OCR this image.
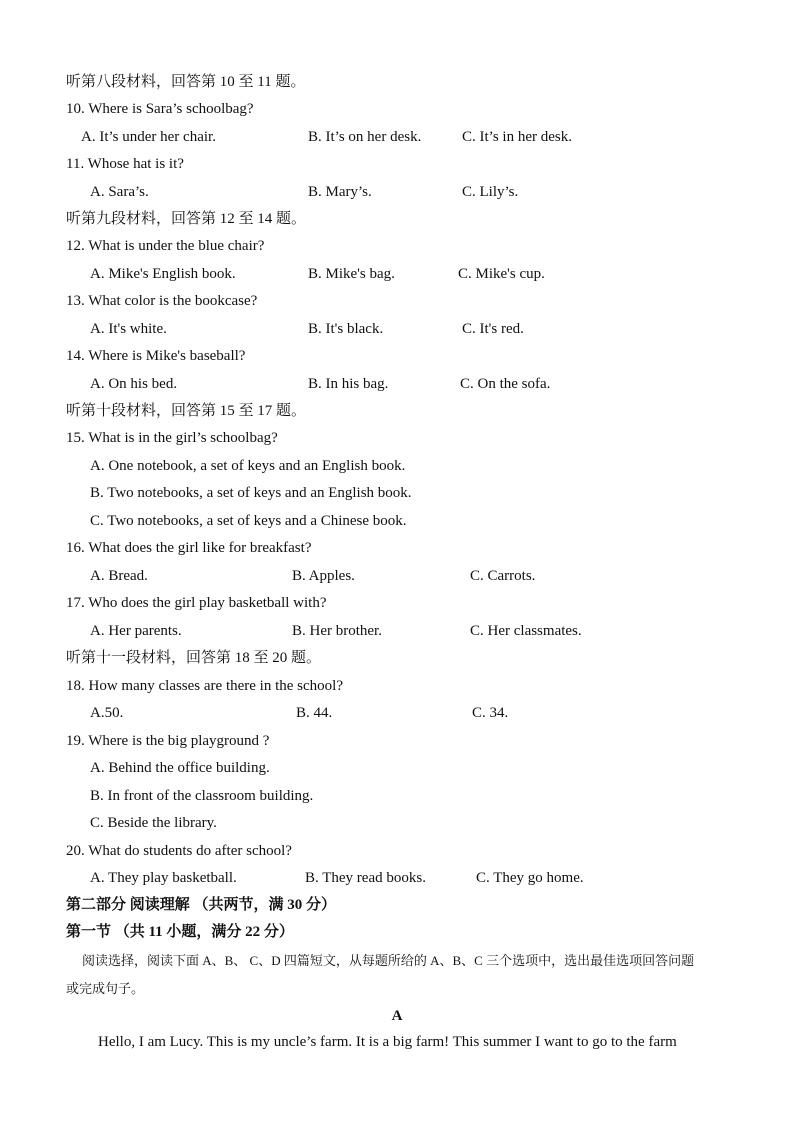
听第八段材料，回答第 10 至 11 题。
10. Where is Sara’s schoolbag?
A. It’s under her chair.	B. It’s on her desk.	C. It’s in her desk.
11. Whose hat is it?
A. Sara’s.	B. Mary’s.	C. Lily’s.
听第九段材料，回答第 12 至 14 题。
12. What is under the blue chair?
A. Mike's English book.	B. Mike's bag.	C. Mike's cup.
13. What color is the bookcase?
A. It's white.	B. It's black.	C. It's red.
14. Where is Mike's baseball?
A. On his bed.	B. In his bag.	C. On the sofa.
听第十段材料，回答第 15 至 17 题。
15. What is in the girl’s schoolbag?
A. One notebook, a set of keys and an English book.
B. Two notebooks, a set of keys and an English book.
C. Two notebooks, a set of keys and a Chinese book.
16. What does the girl like for breakfast?
A. Bread.	B. Apples.	C. Carrots.
17. Who does the girl play basketball with?
A. Her parents.	B. Her brother.	C. Her classmates.
听第十一段材料，回答第 18 至 20 题。
18. How many classes are there in the school?
A.50.	B. 44.	C. 34.
19. Where is the big playground ?
A. Behind the office building.
B. In front of the classroom building.
C. Beside the library.
20. What do students do after school?
A. They play basketball.	B. They read books.	C. They go home.
第二部分 阅读理解 （共两节，满 30 分）
第一节 （共 11 小题，满分 22 分）
阅读选择，阅读下面 A、B、 C、D 四篇短文，从每题所给的 A、B、C 三个选项中，选出最佳选项回答问题
或完成句子。
A
Hello, I am Lucy. This is my uncle’s farm. It is a big farm! This summer I want to go to the farm
